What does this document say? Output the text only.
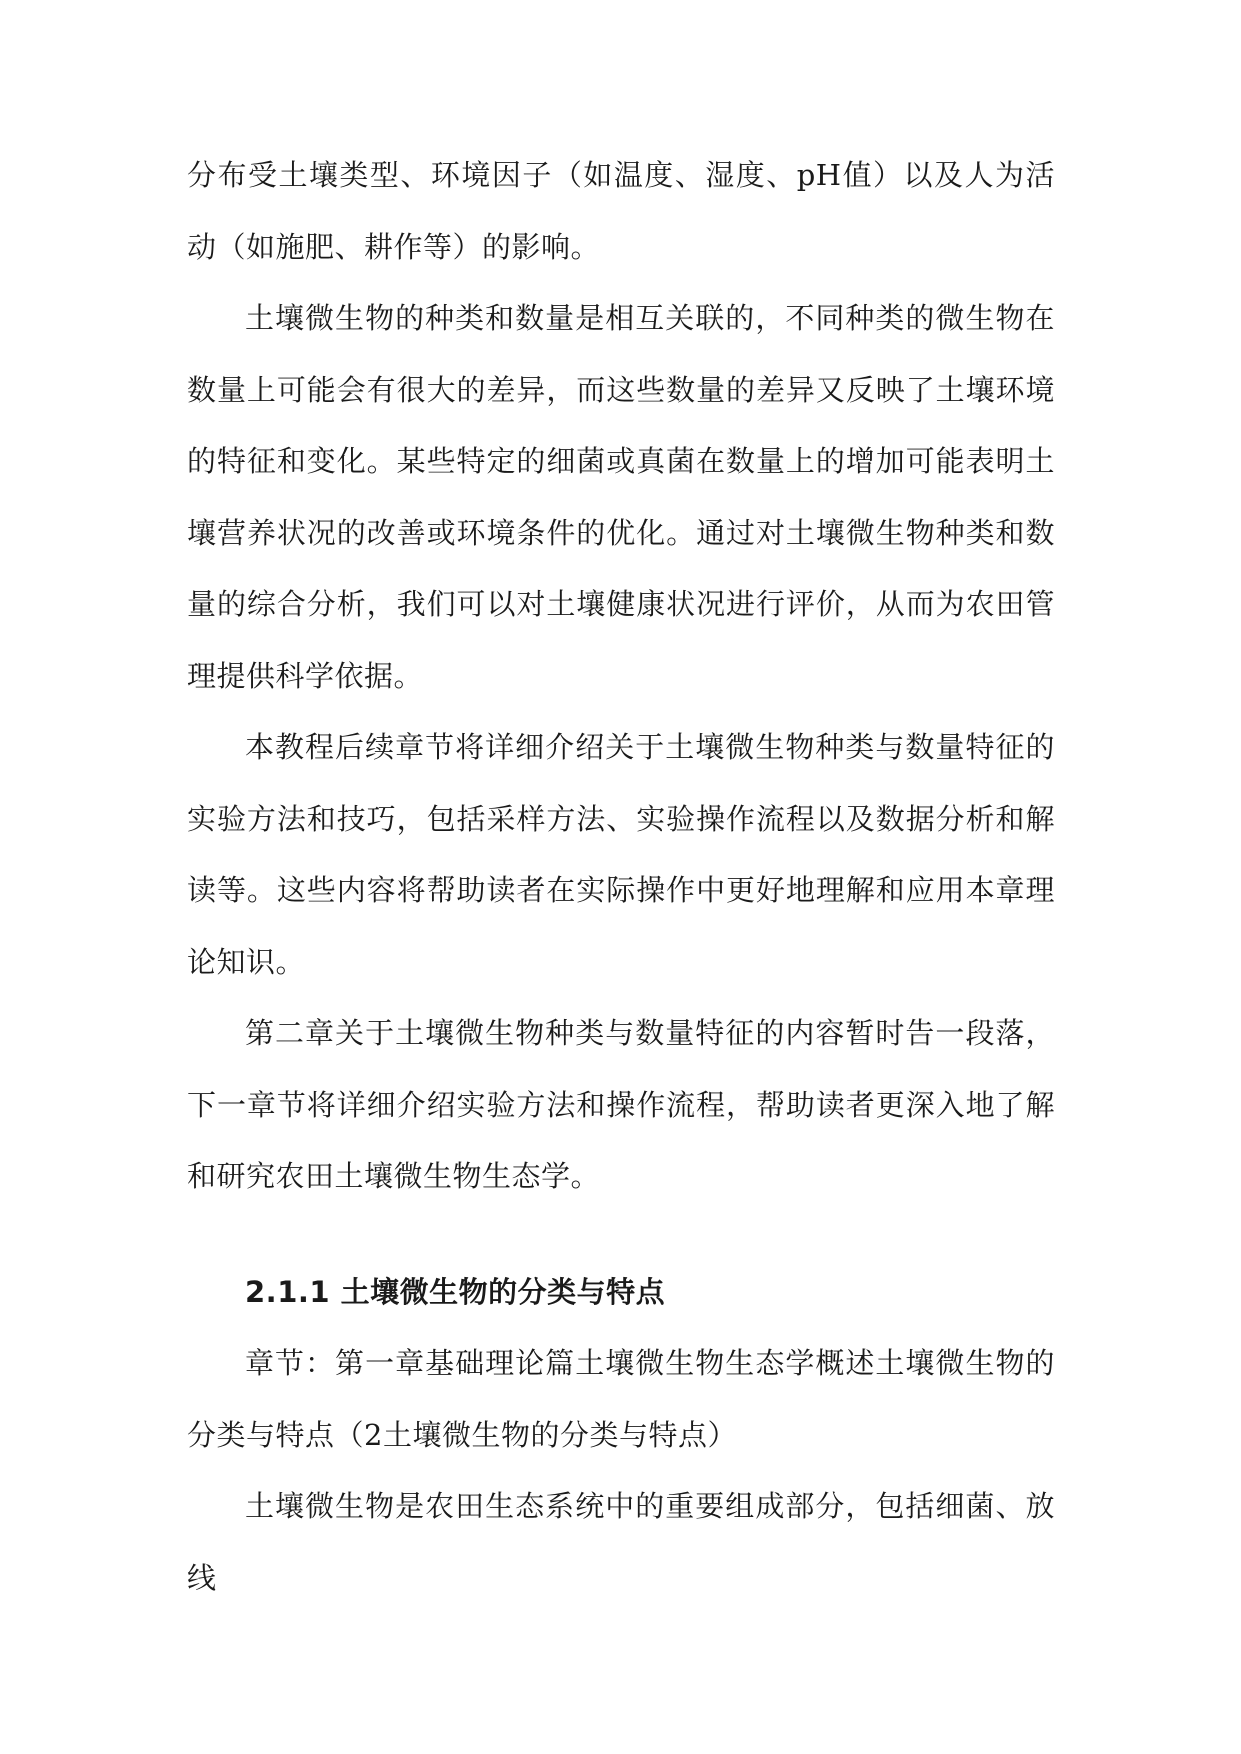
分布受土壤类型、环境因子（如温度、湿度、pH值）以及人为活动（如施肥、耕作等）的影响。

土壤微生物的种类和数量是相互关联的，不同种类的微生物在数量上可能会有很大的差异，而这些数量的差异又反映了土壤环境的特征和变化。某些特定的细菌或真菌在数量上的增加可能表明土壤营养状况的改善或环境条件的优化。通过对土壤微生物种类和数量的综合分析，我们可以对土壤健康状况进行评价，从而为农田管理提供科学依据。

本教程后续章节将详细介绍关于土壤微生物种类与数量特征的实验方法和技巧，包括采样方法、实验操作流程以及数据分析和解读等。这些内容将帮助读者在实际操作中更好地理解和应用本章理论知识。

第二章关于土壤微生物种类与数量特征的内容暂时告一段落，下一章节将详细介绍实验方法和操作流程，帮助读者更深入地了解和研究农田土壤微生物生态学。

2.1.1 土壤微生物的分类与特点

章节：第一章基础理论篇土壤微生物生态学概述土壤微生物的分类与特点（2土壤微生物的分类与特点）

土壤微生物是农田生态系统中的重要组成部分，包括细菌、放线
